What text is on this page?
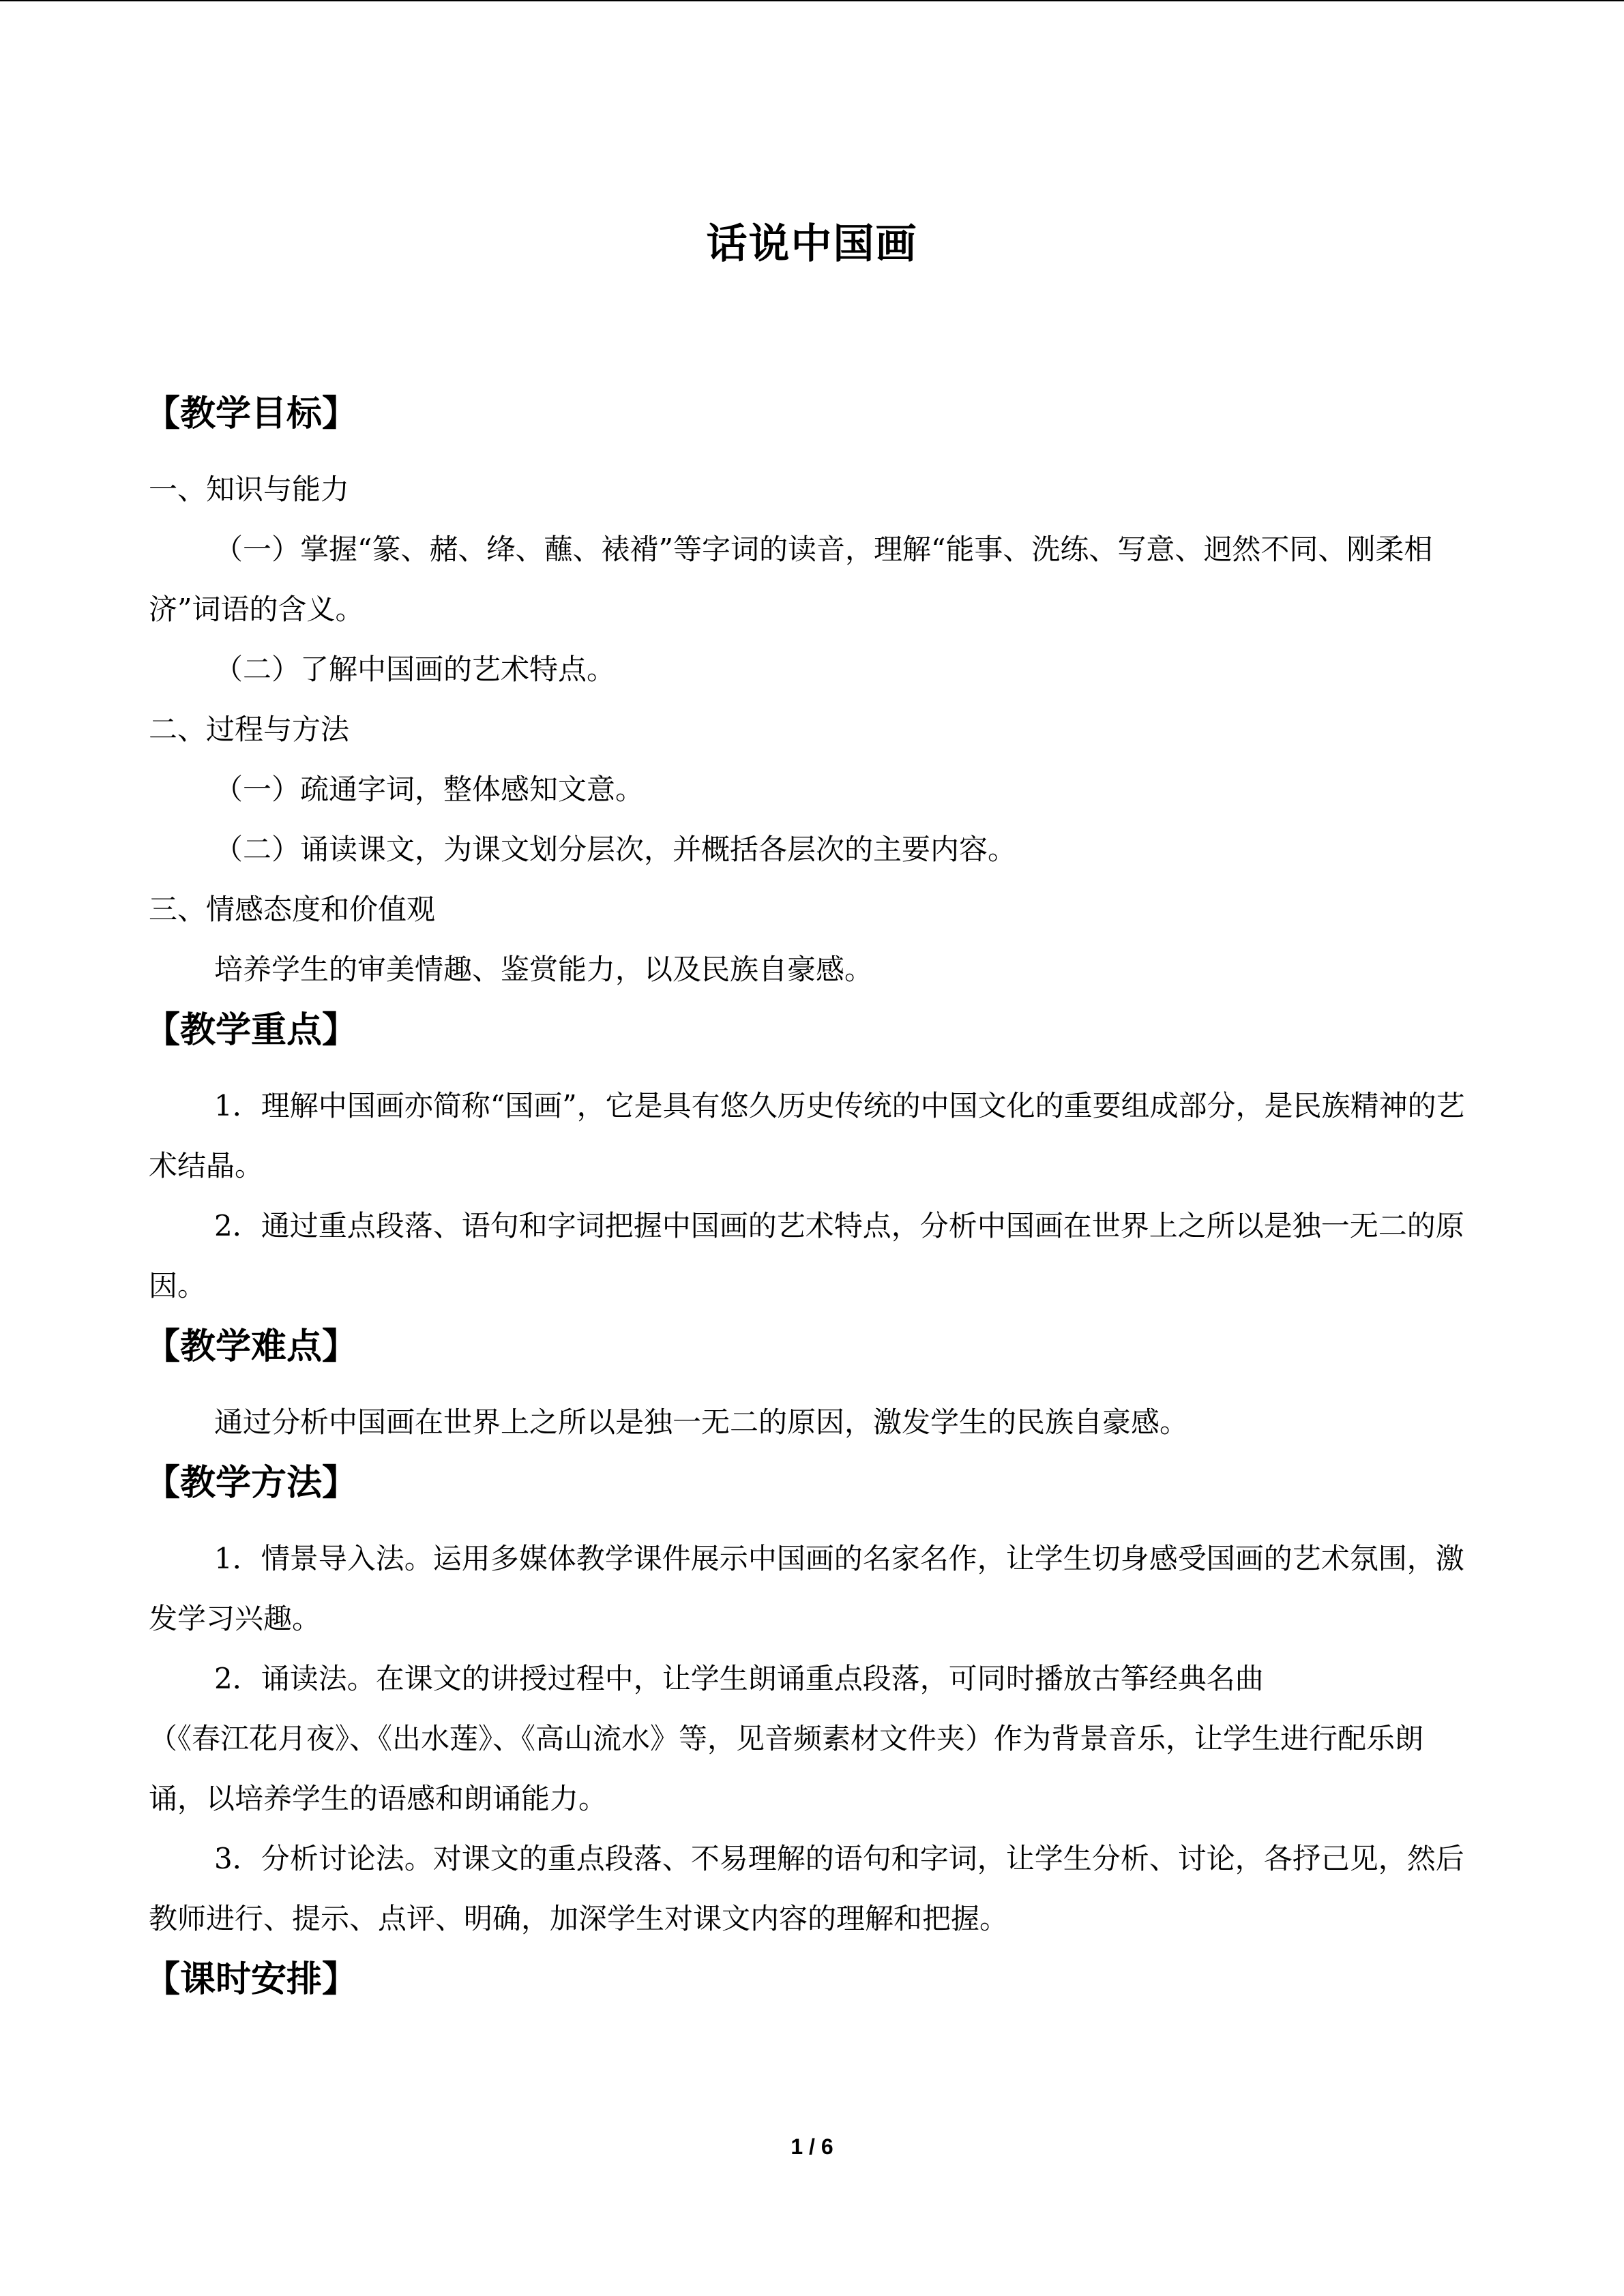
话说中国画
【教学目标】
一、知识与能力
（一）掌握“篆、赭、绛、蘸、裱褙”等字词的读音，理解“能事、洗练、写意、迥然不同、刚柔相济”词语的含义。
（二）了解中国画的艺术特点。
二、过程与方法
（一）疏通字词，整体感知文意。
（二）诵读课文，为课文划分层次，并概括各层次的主要内容。
三、情感态度和价值观
培养学生的审美情趣、鉴赏能力，以及民族自豪感。
【教学重点】
1．理解中国画亦简称“国画”，它是具有悠久历史传统的中国文化的重要组成部分，是民族精神的艺术结晶。
2．通过重点段落、语句和字词把握中国画的艺术特点，分析中国画在世界上之所以是独一无二的原因。
【教学难点】
通过分析中国画在世界上之所以是独一无二的原因，激发学生的民族自豪感。
【教学方法】
1．情景导入法。运用多媒体教学课件展示中国画的名家名作，让学生切身感受国画的艺术氛围，激发学习兴趣。
2．诵读法。在课文的讲授过程中，让学生朗诵重点段落，可同时播放古筝经典名曲
（《春江花月夜》、《出水莲》、《高山流水》等，见音频素材文件夹）作为背景音乐，让学生进行配乐朗诵，以培养学生的语感和朗诵能力。
3．分析讨论法。对课文的重点段落、不易理解的语句和字词，让学生分析、讨论，各抒己见，然后教师进行、提示、点评、明确，加深学生对课文内容的理解和把握。
【课时安排】
1 / 6
